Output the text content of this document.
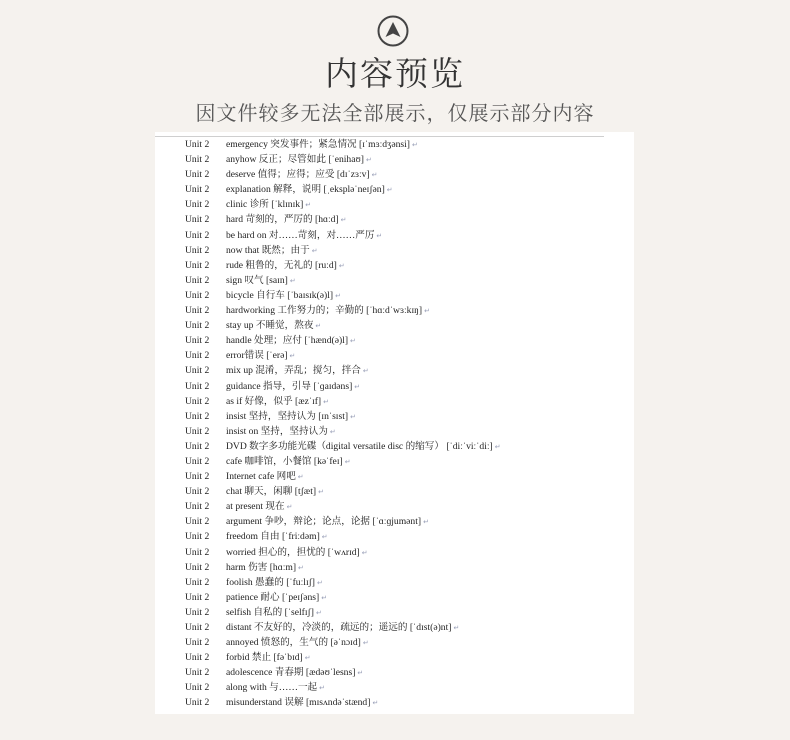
内容预览
因文件较多无法全部展示，仅展示部分内容
Unit 2 emergency 突发事件；紧急情况 [ɪˈmɜːdʒənsi] ↵
Unit 2 anyhow 反正；尽管如此 [ˈenihaʊ] ↵
Unit 2 deserve 值得；应得；应受 [dɪˈzɜːv] ↵
Unit 2 explanation 解释，说明 [ˌekspləˈneɪʃən] ↵
Unit 2 clinic 诊所 [ˈklɪnɪk] ↵
Unit 2 hard 苛刻的，严厉的 [hɑːd] ↵
Unit 2 be hard on 对……苛刻，对……严厉 ↵
Unit 2 now that 既然；由于 ↵
Unit 2 rude 粗鲁的，无礼的 [ruːd] ↵
Unit 2 sign 叹气 [saɪn] ↵
Unit 2 bicycle 自行车 [ˈbaɪsɪk(ə)l] ↵
Unit 2 hardworking 工作努力的；辛勤的 [ˈhɑːdˈwɜːkɪŋ] ↵
Unit 2 stay up 不睡觉，熬夜 ↵
Unit 2 handle 处理；应付 [ˈhænd(ə)l] ↵
Unit 2 error错误 [ˈerə] ↵
Unit 2 mix up 混淆，弄乱；搅匀，拌合 ↵
Unit 2 guidance 指导，引导 [ˈɡaɪdəns] ↵
Unit 2 as if 好像，似乎 [æzˈɪf] ↵
Unit 2 insist 坚持，坚持认为 [ɪnˈsɪst] ↵
Unit 2 insist on 坚持，坚持认为 ↵
Unit 2 DVD 数字多功能光碟（digital versatile disc 的缩写） [ˈdiːˈviːˈdiː] ↵
Unit 2 cafe 咖啡馆，小餐馆 [kəˈfeɪ] ↵
Unit 2 Internet cafe 网吧 ↵
Unit 2 chat 聊天，闲聊 [tʃæt] ↵
Unit 2 at present 现在 ↵
Unit 2 argument 争吵，辩论；论点，论据 [ˈɑːɡjumənt] ↵
Unit 2 freedom 自由 [ˈfriːdəm] ↵
Unit 2 worried 担心的，担忧的 [ˈwʌrɪd] ↵
Unit 2 harm 伤害 [hɑːm] ↵
Unit 2 foolish 愚蠢的 [ˈfuːlɪʃ] ↵
Unit 2 patience 耐心 [ˈpeɪʃəns] ↵
Unit 2 selfish 自私的 [ˈselfɪʃ] ↵
Unit 2 distant 不友好的，冷淡的，疏远的；遥远的 [ˈdɪst(ə)nt] ↵
Unit 2 annoyed 愤怒的，生气的 [əˈnɔɪd] ↵
Unit 2 forbid 禁止 [fəˈbɪd] ↵
Unit 2 adolescence 青春期 [ædəʊˈlesns] ↵
Unit 2 along with 与……一起 ↵
Unit 2 misunderstand 误解 [mɪsʌndəˈstænd] ↵
